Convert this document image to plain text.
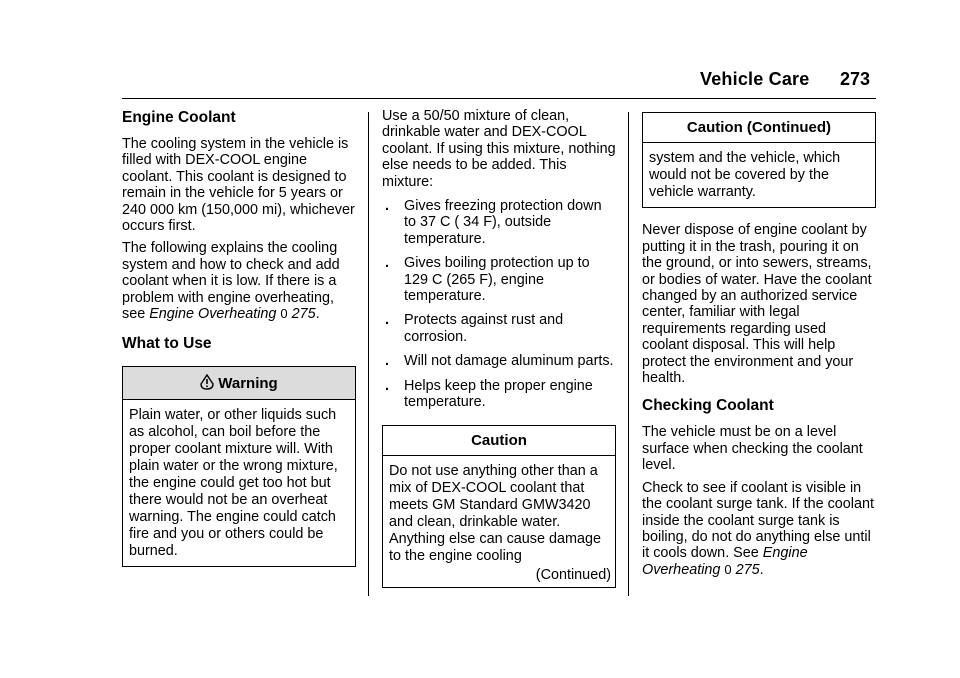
Vehicle Care 273
Engine Coolant

The cooling system in the vehicle is filled with DEX-COOL engine coolant. This coolant is designed to remain in the vehicle for 5 years or 240 000 km (150,000 mi), whichever occurs first.

The following explains the cooling system and how to check and add coolant when it is low. If there is a problem with engine overheating, see Engine Overheating 0 275.

What to Use
Warning
Plain water, or other liquids such as alcohol, can boil before the proper coolant mixture will. With plain water or the wrong mixture, the engine could get too hot but there would not be an overheat warning. The engine could catch fire and you or others could be burned.

Use a 50/50 mixture of clean, drinkable water and DEX-COOL coolant. If using this mixture, nothing else needs to be added. This mixture:

. Gives freezing protection down to 37 C ( 34 F), outside temperature.
. Gives boiling protection up to 129 C (265 F), engine temperature.
. Protects against rust and corrosion.
. Will not damage aluminum parts.
. Helps keep the proper engine temperature.
Caution
Do not use anything other than a mix of DEX-COOL coolant that meets GM Standard GMW3420 and clean, drinkable water. Anything else can cause damage to the engine cooling
(Continued)
Caution (Continued)
system and the vehicle, which would not be covered by the vehicle warranty.

Never dispose of engine coolant by putting it in the trash, pouring it on the ground, or into sewers, streams, or bodies of water. Have the coolant changed by an authorized service center, familiar with legal requirements regarding used coolant disposal. This will help protect the environment and your health.

Checking Coolant

The vehicle must be on a level surface when checking the coolant level.

Check to see if coolant is visible in the coolant surge tank. If the coolant inside the coolant surge tank is boiling, do not do anything else until it cools down. See Engine Overheating 0 275.
